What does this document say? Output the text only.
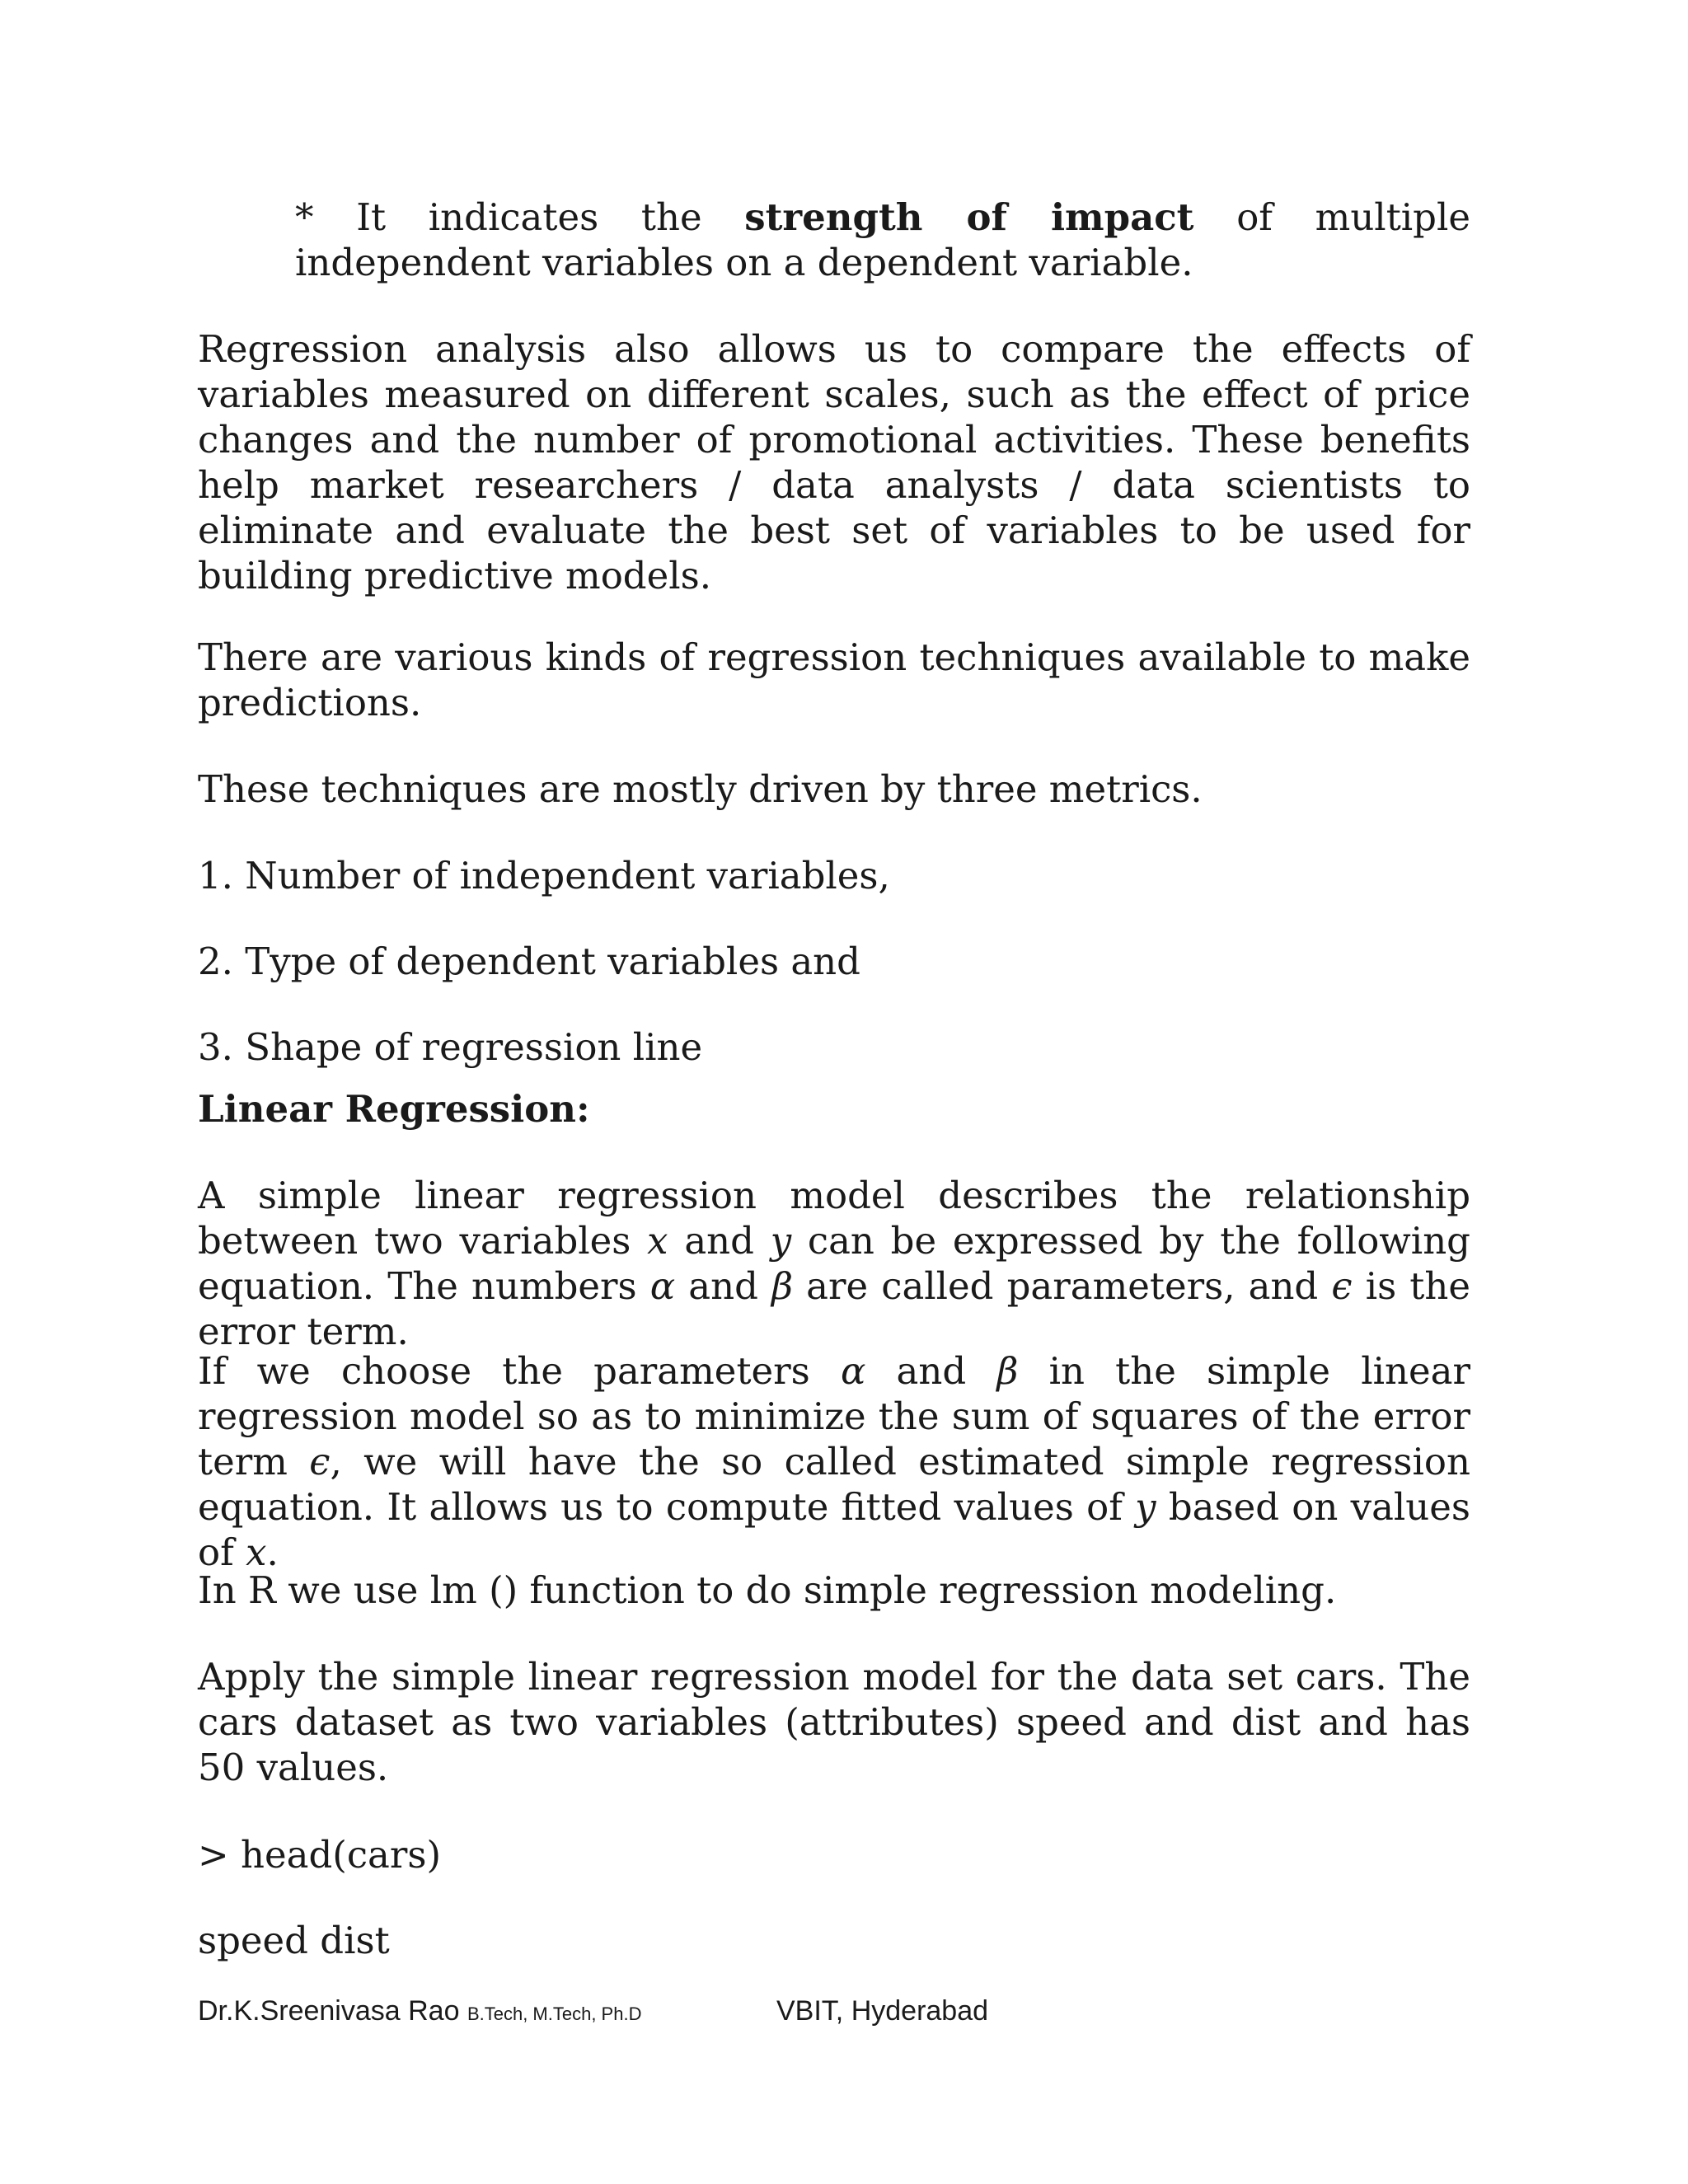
* It indicates the strength of impact of multiple independent variables on a dependent variable.

Regression analysis also allows us to compare the effects of variables measured on different scales, such as the effect of price changes and the number of promotional activities. These benefits help market researchers / data analysts / data scientists to eliminate and evaluate the best set of variables to be used for building predictive models.

There are various kinds of regression techniques available to make predictions.

These techniques are mostly driven by three metrics.

1. Number of independent variables,

2. Type of dependent variables and

3. Shape of regression line

Linear Regression:

A simple linear regression model describes the relationship between two variables x and y can be expressed by the following equation. The numbers α and β are called parameters, and ϵ is the error term.

If we choose the parameters α and β in the simple linear regression model so as to minimize the sum of squares of the error term ϵ, we will have the so called estimated simple regression equation. It allows us to compute fitted values of y based on values of x.

In R we use lm () function to do simple regression modeling.

Apply the simple linear regression model for the data set cars. The cars dataset as two variables (attributes) speed and dist and has 50 values.

> head(cars)

speed dist

Dr.K.Sreenivasa Rao B.Tech, M.Tech, Ph.D	VBIT, Hyderabad
